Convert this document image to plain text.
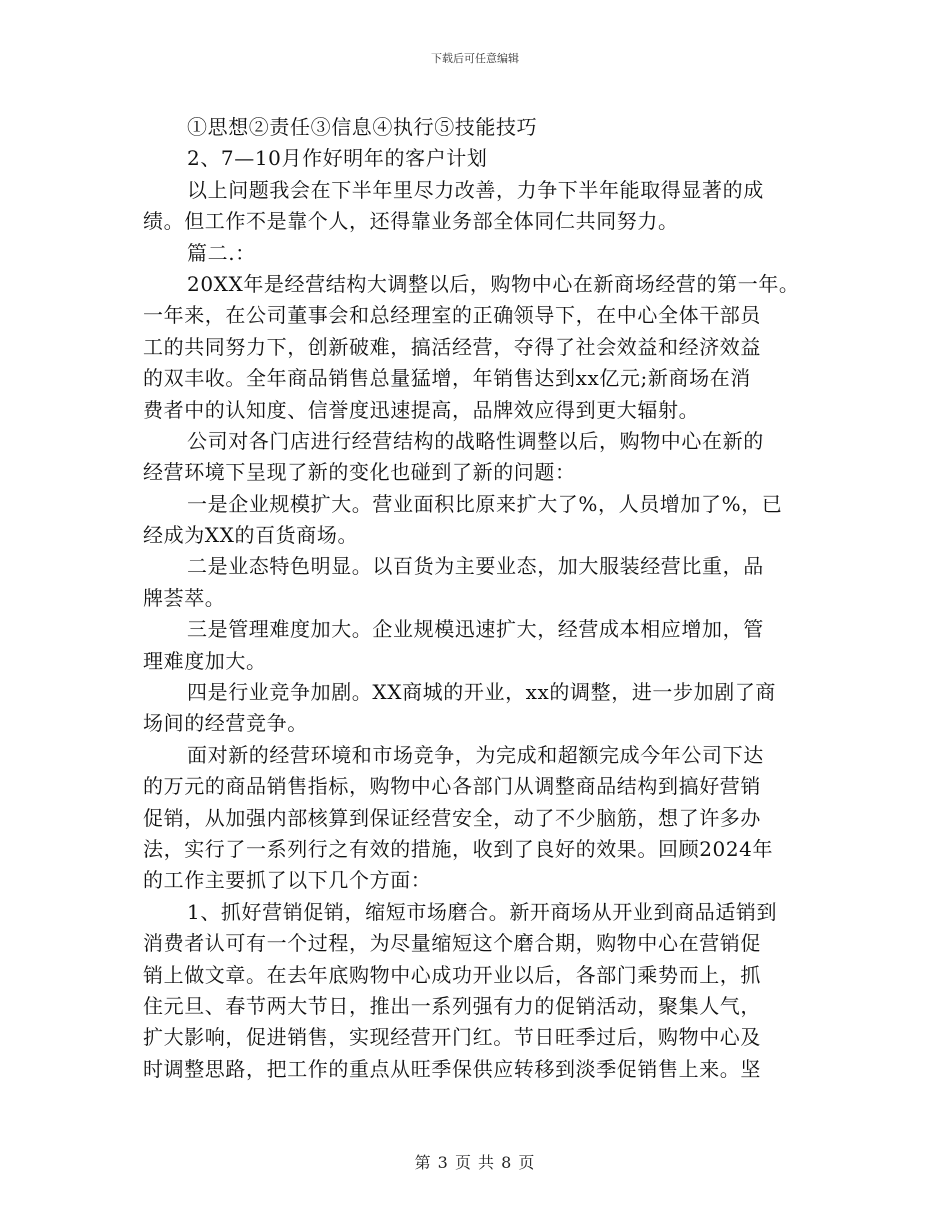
下载后可任意编辑
①思想②责任③信息④执行⑤技能技巧
2、7—10月作好明年的客户计划
以上问题我会在下半年里尽力改善，力争下半年能取得显著的成
绩。但工作不是靠个人，还得靠业务部全体同仁共同努力。
篇二.：
20XX年是经营结构大调整以后，购物中心在新商场经营的第一年。
一年来，在公司董事会和总经理室的正确领导下，在中心全体干部员
工的共同努力下，创新破难，搞活经营，夺得了社会效益和经济效益
的双丰收。全年商品销售总量猛增，年销售达到xx亿元;新商场在消
费者中的认知度、信誉度迅速提高，品牌效应得到更大辐射。
公司对各门店进行经营结构的战略性调整以后，购物中心在新的
经营环境下呈现了新的变化也碰到了新的问题：
一是企业规模扩大。营业面积比原来扩大了%，人员增加了%，已
经成为XX的百货商场。
二是业态特色明显。以百货为主要业态，加大服装经营比重，品
牌荟萃。
三是管理难度加大。企业规模迅速扩大，经营成本相应增加，管
理难度加大。
四是行业竞争加剧。XX商城的开业，xx的调整，进一步加剧了商
场间的经营竞争。
面对新的经营环境和市场竞争，为完成和超额完成今年公司下达
的万元的商品销售指标，购物中心各部门从调整商品结构到搞好营销
促销，从加强内部核算到保证经营安全，动了不少脑筋，想了许多办
法，实行了一系列行之有效的措施，收到了良好的效果。回顾2024年
的工作主要抓了以下几个方面：
1、抓好营销促销，缩短市场磨合。新开商场从开业到商品适销到
消费者认可有一个过程，为尽量缩短这个磨合期，购物中心在营销促
销上做文章。在去年底购物中心成功开业以后，各部门乘势而上，抓
住元旦、春节两大节日，推出一系列强有力的促销活动，聚集人气，
扩大影响，促进销售，实现经营开门红。节日旺季过后，购物中心及
时调整思路，把工作的重点从旺季保供应转移到淡季促销售上来。坚
第 3 页 共 8 页
